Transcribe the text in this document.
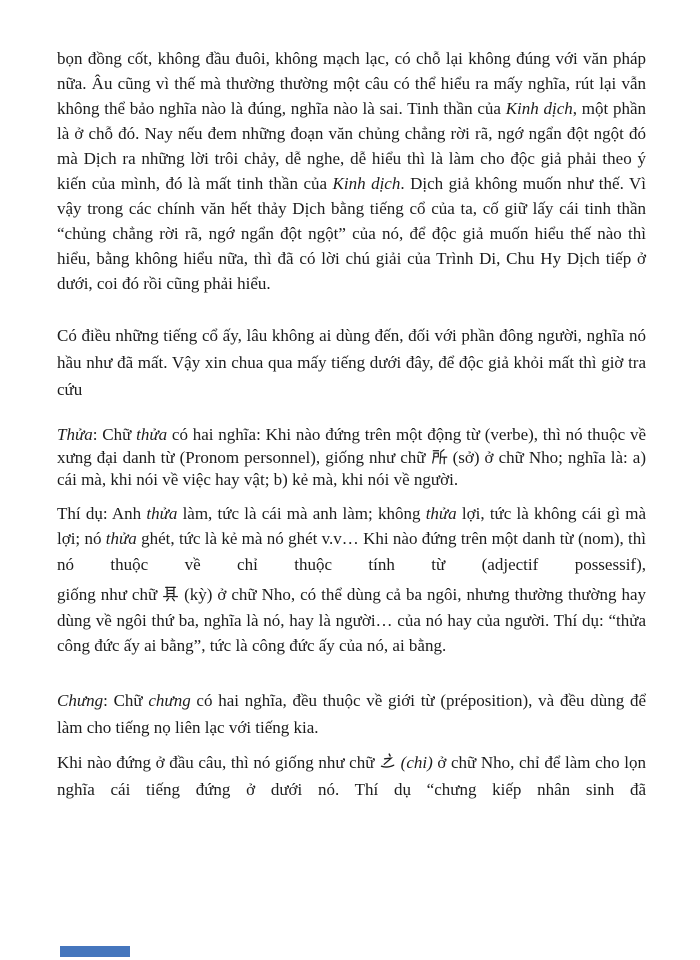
bọn đồng cốt, không đầu đuôi, không mạch lạc, có chỗ lại không đúng với văn pháp nữa. Âu cũng vì thế mà thường thường một câu có thể hiểu ra mấy nghĩa, rút lại vẫn không thể bảo nghĩa nào là đúng, nghĩa nào là sai. Tinh thần của Kinh dịch, một phần là ở chỗ đó. Nay nếu đem những đoạn văn chủng chẳng rời rã, ngớ ngẩn đột ngột đó mà Dịch ra những lời trôi chảy, dễ nghe, dễ hiểu thì là làm cho độc giả phải theo ý kiến của mình, đó là mất tinh thần của Kinh dịch. Dịch giả không muốn như thế. Vì vậy trong các chính văn hết thảy Dịch bằng tiếng cổ của ta, cố giữ lấy cái tinh thần “chủng chẳng rời rã, ngớ ngẩn đột ngột” của nó, để độc giả muốn hiểu thế nào thì hiểu, bằng không hiểu nữa, thì đã có lời chú giải của Trình Di, Chu Hy Dịch tiếp ở dưới, coi đó rồi cũng phải hiểu.

Có điều những tiếng cổ ấy, lâu không ai dùng đến, đối với phần đông người, nghĩa nó hầu như đã mất. Vậy xin chua qua mấy tiếng dưới đây, để độc giả khỏi mất thì giờ tra cứu

Thửa: Chữ thửa có hai nghĩa: Khi nào đứng trên một động từ (verbe), thì nó thuộc về xưng đại danh từ (Pronom personnel), giống như chữ
(sở) ở chữ Nho; nghĩa là: a) cái mà, khi nói về việc hay vật; b) kẻ mà, khi nói về người.

Thí dụ: Anh thửa làm, tức là cái mà anh làm; không thửa lợi, tức là không cái gì mà lợi; nó thửa ghét, tức là kẻ mà nó ghét v.v… Khi nào đứng trên một danh từ (nom), thì nó thuộc về chỉ thuộc tính từ (adjectif possessif),

giống như chữ
(kỳ) ở chữ Nho, có thể dùng cả ba ngôi, nhưng thường thường hay dùng về ngôi thứ ba, nghĩa là nó, hay là người… của nó hay của người. Thí dụ: “thửa công đức ấy ai bằng”, tức là công đức ấy của nó, ai bằng.

Chưng: Chữ chưng có hai nghĩa, đều thuộc về giới từ (préposition), và đều dùng để làm cho tiếng nọ liên lạc với tiếng kia.

Khi nào đứng ở đầu câu, thì nó giống như chữ
(chi) ở chữ Nho, chỉ để làm cho lọn nghĩa cái tiếng đứng ở dưới nó. Thí dụ “chưng kiếp nhân sinh đã
